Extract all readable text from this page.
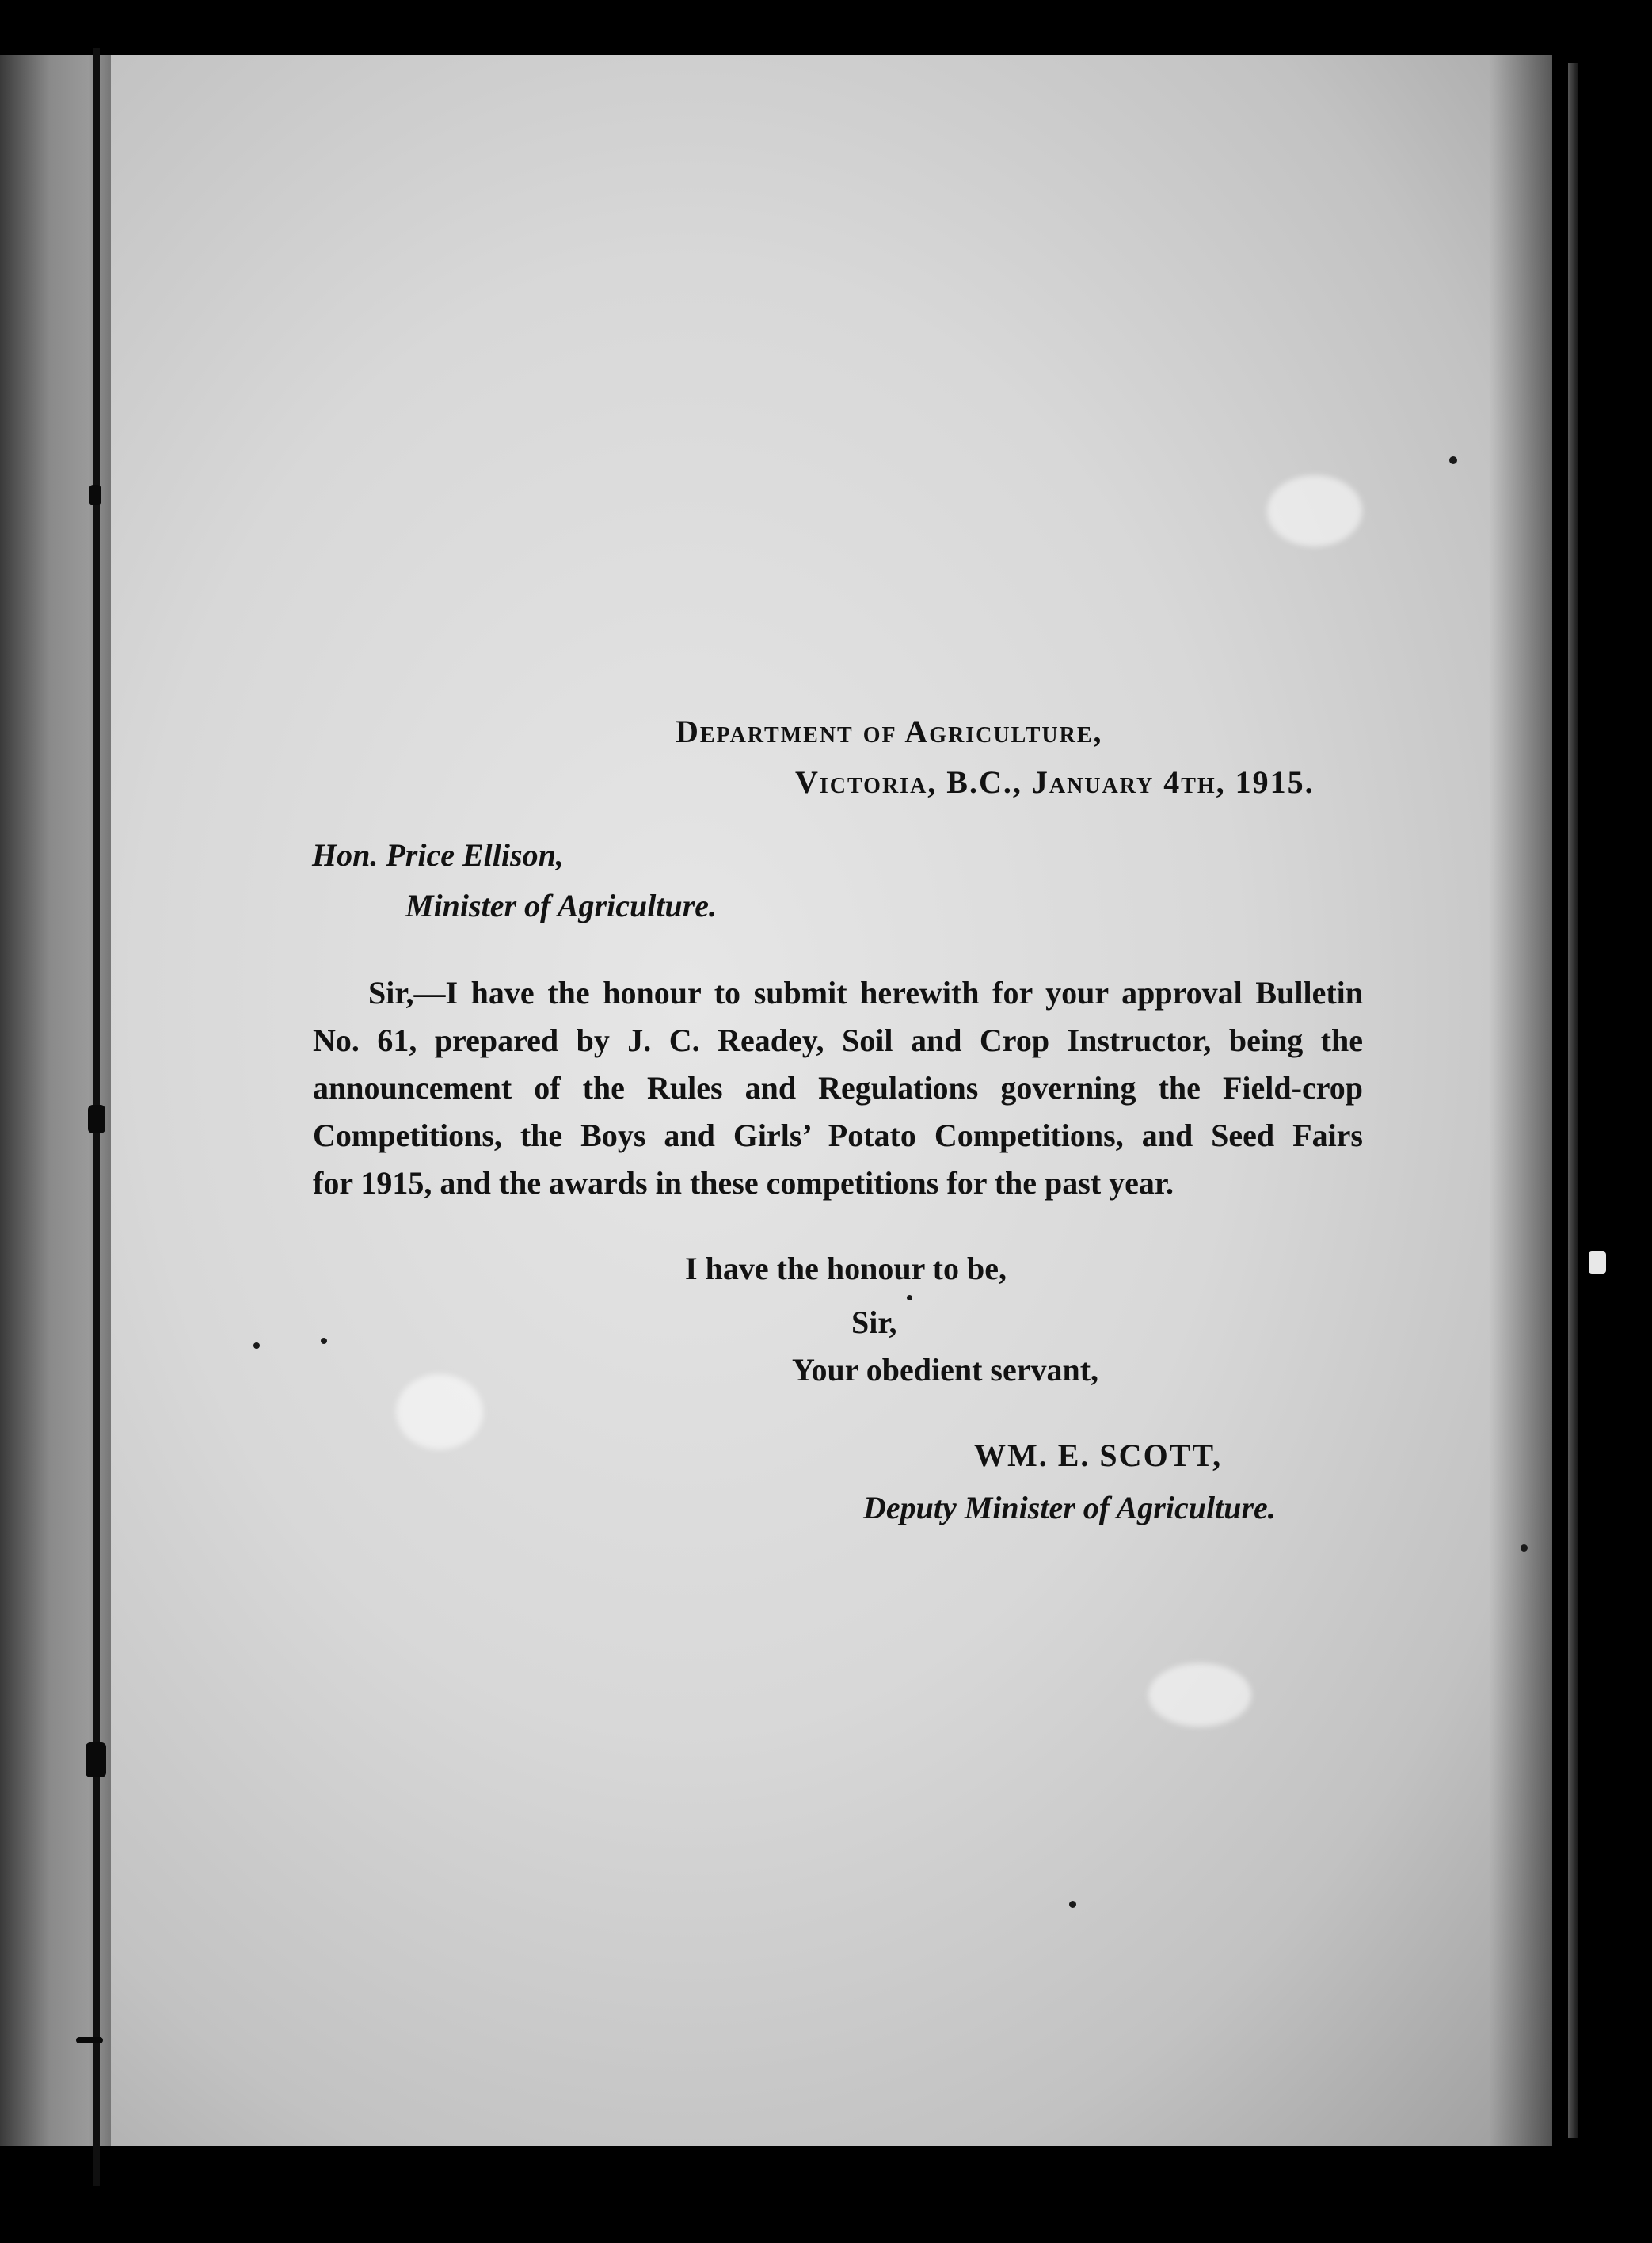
Department of Agriculture,
Victoria, B.C., January 4th, 1915.
Hon. Price Ellison,
Minister of Agriculture.
Sir,—I have the honour to submit herewith for your approval Bulletin
No. 61, prepared by J. C. Readey, Soil and Crop Instructor, being the
announcement of the Rules and Regulations governing the Field-crop
Competitions, the Boys and Girls’ Potato Competitions, and Seed Fairs
for 1915, and the awards in these competitions for the past year.
I have the honour to be,
Sir,
Your obedient servant,
WM. E. SCOTT,
Deputy Minister of Agriculture.
